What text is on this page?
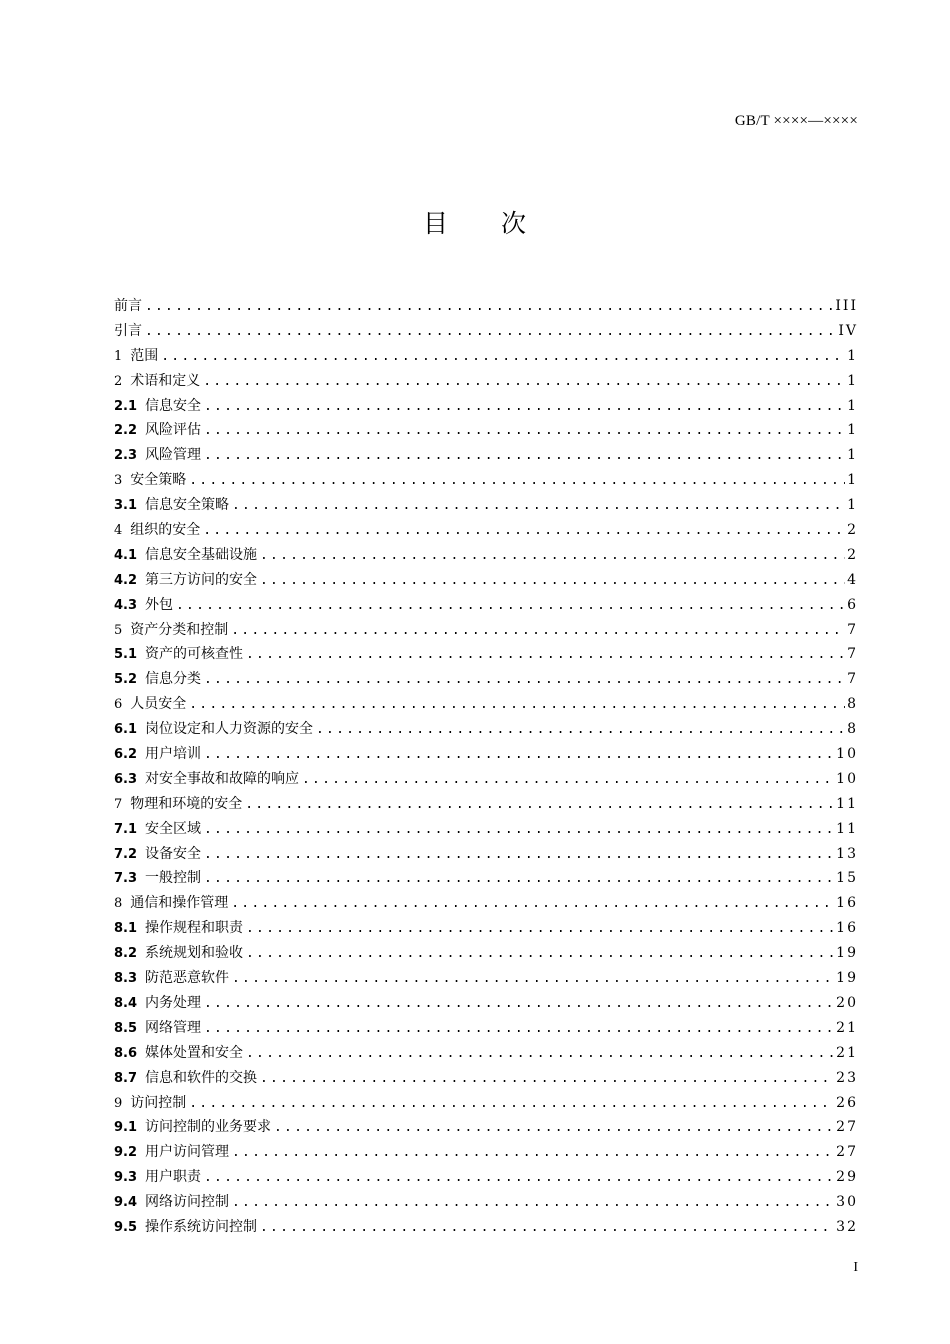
GB/T ××××—××××
目　　次
前言 .....	III
引言 .....	IV
1 范围 .....	1
2 术语和定义 .....	1
2.1 信息安全 .....	1
2.2 风险评估 .....	1
2.3 风险管理 .....	1
3 安全策略 .....	1
3.1 信息安全策略 .....	1
4 组织的安全 .....	2
4.1 信息安全基础设施 .....	2
4.2 第三方访问的安全 .....	4
4.3 外包 .....	6
5 资产分类和控制 .....	7
5.1 资产的可核查性 .....	7
5.2 信息分类 .....	7
6 人员安全 .....	8
6.1 岗位设定和人力资源的安全 .....	8
6.2 用户培训 .....	10
6.3 对安全事故和故障的响应 .....	10
7 物理和环境的安全 .....	11
7.1 安全区域 .....	11
7.2 设备安全 .....	13
7.3 一般控制 .....	15
8 通信和操作管理 .....	16
8.1 操作规程和职责 .....	16
8.2 系统规划和验收 .....	19
8.3 防范恶意软件 .....	19
8.4 内务处理 .....	20
8.5 网络管理 .....	21
8.6 媒体处置和安全 .....	21
8.7 信息和软件的交换 .....	23
9 访问控制 .....	26
9.1 访问控制的业务要求 .....	27
9.2 用户访问管理 .....	27
9.3 用户职责 .....	29
9.4 网络访问控制 .....	30
9.5 操作系统访问控制 .....	32
I
